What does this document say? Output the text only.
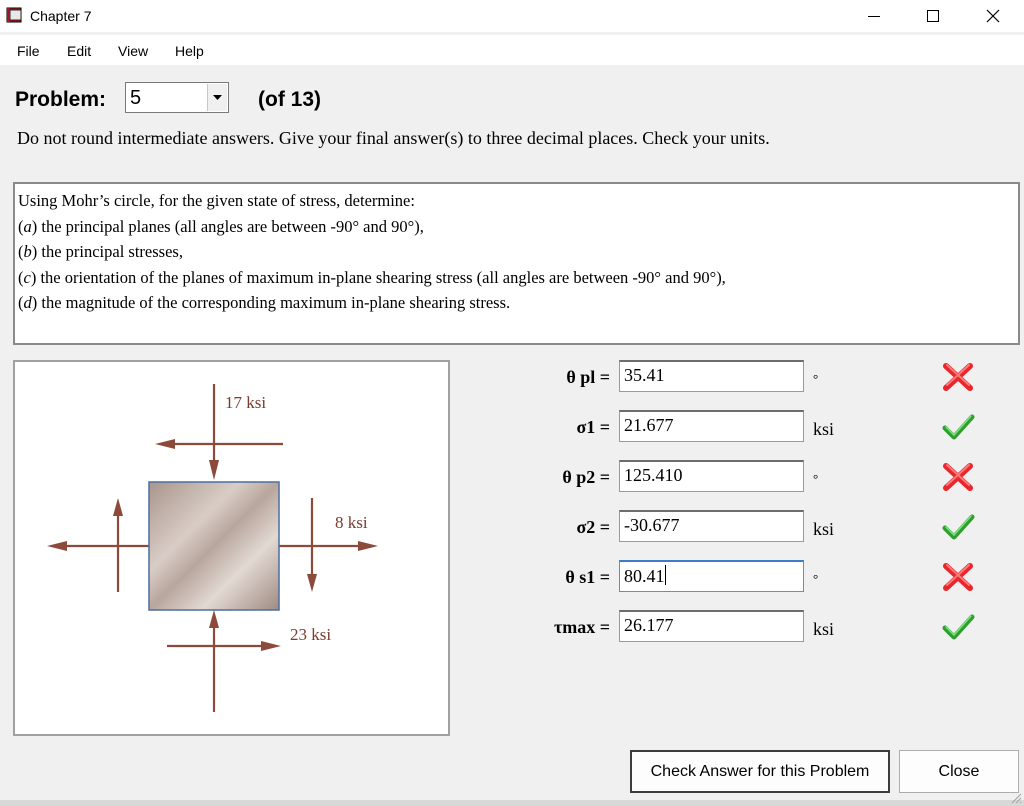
Chapter 7
File Edit View Help
Problem: 5	(of 13)
Do not round intermediate answers. Give your final answer(s) to three decimal places. Check your units.
Using Mohr’s circle, for the given state of stress, determine:
(a) the principal planes (all angles are between -90° and 90°),
(b) the principal stresses,
(c) the orientation of the planes of maximum in-plane shearing stress (all angles are between -90° and 90°),
(d) the magnitude of the corresponding maximum in-plane shearing stress.
17 ksi
8 ksi
23 ksi
θ pl = 35.41	°
σ1 = 21.677	ksi
θ p2 = 125.410	°
σ2 = -30.677	ksi
θ s1 = 80.41	°
τmax = 26.177	ksi
Check Answer for this Problem	Close
